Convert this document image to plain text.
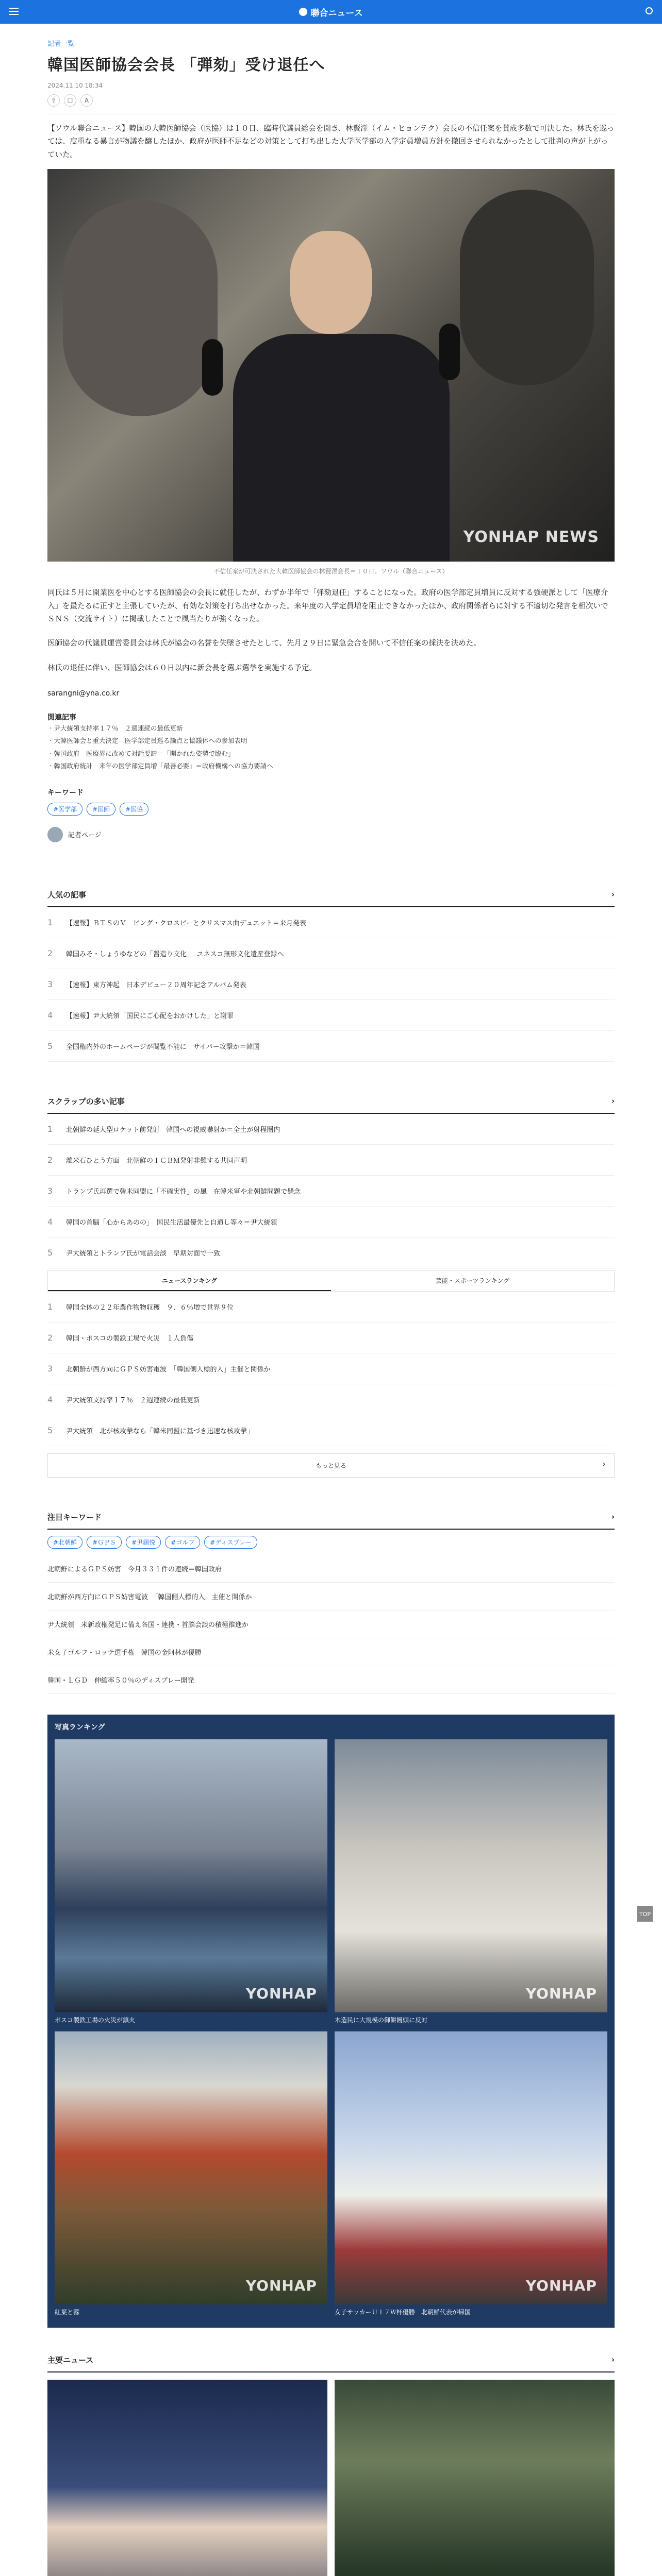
聯合ニュース
記者一覧
韓国医師協会会長 「弾劾」受け退任へ
2024.11.10 18:34
⇪	☐	A

【ソウル聯合ニュース】韓国の大韓医師協会（医協）は１０日、臨時代議員総会を開き、林賢澤（イム・ヒョンテク）会長の不信任案を賛成多数で可決した。林氏を巡っては、度重なる暴言が物議を醸したほか、政府が医師不足などの対策として打ち出した大学医学部の入学定員増員方針を撤回させられなかったとして批判の声が上がっていた。

YONHAP NEWS
不信任案が可決された大韓医師協会の林賢澤会長＝１０日、ソウル（聯合ニュース）

同氏は５月に開業医を中心とする医師協会の会長に就任したが、わずか半年で「弾劾退任」することになった。政府の医学部定員増員に反対する強硬派として「医療介入」を最たるに正すと主張していたが、有効な対策を打ち出せなかった。来年度の入学定員増を阻止できなかったほか、政府関係者らに対する不適切な発言を相次いでＳＮＳ（交流サイト）に掲載したことで風当たりが強くなった。

医師協会の代議員運営委員会は林氏が協会の名誉を失墜させたとして、先月２９日に緊急会合を開いて不信任案の採決を決めた。

林氏の退任に伴い、医師協会は６０日以内に新会長を選ぶ選挙を実施する予定。

sarangni@yna.co.kr

関連記事
・ 尹大統領支持率１７％　２週連続の最低更新
・ 大韓医師会と重大決定　医学部定員巡る論点と協議体への参加表明
・ 韓国政府　医療界に改めて対話要請＝「開かれた姿勢で臨む」
・ 韓国政府統計　来年の医学部定員増「最善必要」＝政府機構への協力要請へ
キーワード
#医学部	#医師	#医協
記者ページ
人気の記事	›
1 【速報】ＢＴＳのＶ　ビング・クロスビーとクリスマス曲デュエット＝来月発表
2 韓国みそ・しょうゆなどの「醤造り文化」　ユネスコ無形文化遺産登録へ
3 【速報】東方神起　日本デビュー２０周年記念アルバム発表
4 【速報】尹大統領「国民にご心配をおかけした」と謝罪
5 全国権内外のホームページが閲覧不能に　サイバー攻撃か＝韓国
スクラップの多い記事	›
1 北朝鮮の延大型ロケット前発射　韓国への視威嚇射か＝全土が射程圏内
2 離米石ひとう方面　北朝鮮のＩＣＢＭ発射非難する共同声明
3 トランプ氏再選で韓米同盟に「不確実性」の風　在韓米軍や北朝鮮問題で懸念
4 韓国の首脳「心からあのの」　国民生活最優先と自通し等々＝尹大統領
5 尹大統領とトランプ氏が電話会談　早期対面で一致
ニュースランキング	芸能・スポーツランキング
1 韓国全体の２２年農作物物収穫　９．６％増で世界９位
2 韓国・ポスコの製鉄工場で火災　１人負傷
3 北朝鮮が西方向にＧＰＳ妨害電波　「韓国側人標的入」主催と関係か
4 尹大統領支持率１７％　２週連続の最低更新
5 尹大統領　北が核攻撃なら「韓米同盟に基づき迅速な核攻撃」
もっと見る ›
注目キーワード	›
#北朝鮮	#ＧＰＳ	#尹錫悦	#ゴルフ	#ディスプレー
北朝鮮によるＧＰＳ妨害　今月３３１件の連続＝韓国政府
北朝鮮が西方向にＧＰＳ妨害電波　「韓国側人標的入」主催と関係か
尹大統領　米新政権発足に備え各国・連携・首脳会談の積極推進か
米女子ゴルフ・ロッテ選手権　韓国の金阿林が優勝
韓国・ＬＧＤ　伸縮率５０％のディスプレー開発
写真ランキング
YONHAP
ポスコ製鉄工場の火災が鎮火
YONHAP
木造民に大規模の御餅饅頭に反対
YONHAP
紅葉と霧
YONHAP
女子サッカーＵ１７Ｗ杯優勝　北朝鮮代表が帰国
主要ニュース	›
TOP
